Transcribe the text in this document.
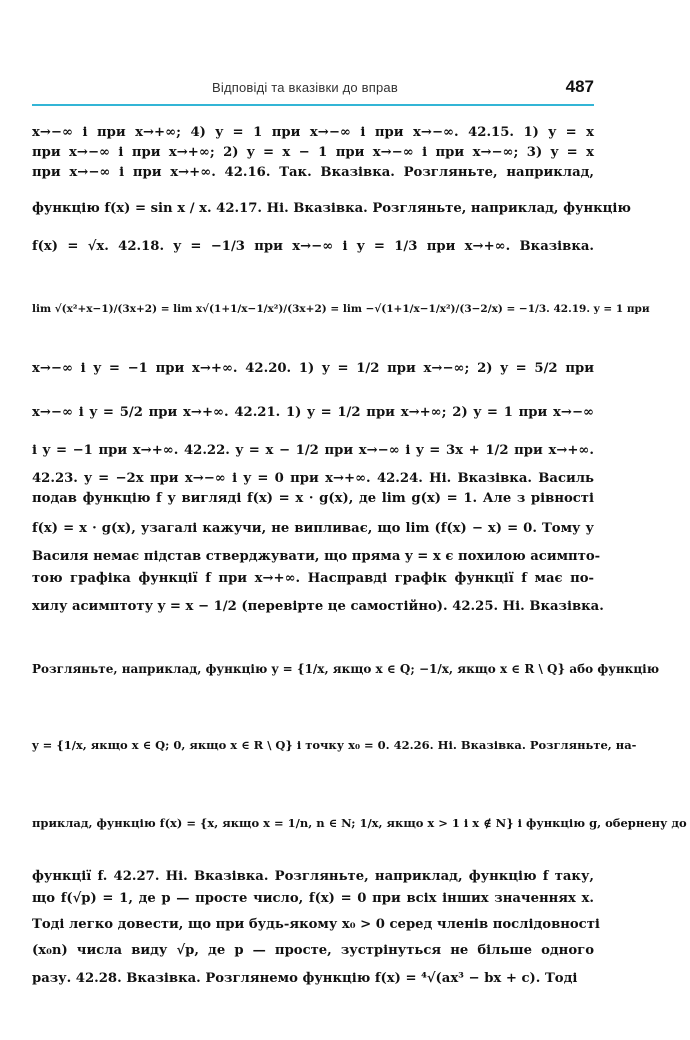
Відповіді та вказівки до вправ	487
x→−∞ і при x→+∞; 4) y = 1 при x→−∞ і при x→−∞. 42.15. 1) y = x
при x→−∞ і при x→+∞; 2) y = x − 1 при x→−∞ і при x→−∞; 3) y = x
при x→−∞ і при x→+∞. 42.16. Так. Вказівка. Розгляньте, наприклад,
функцію f(x) = sin x / x. 42.17. Ні. Вказівка. Розгляньте, наприклад, функцію
f(x) = √x. 42.18. y = −1/3 при x→−∞ і y = 1/3 при x→+∞. Вказівка.
lim √(x²+x−1)/(3x+2) = lim x√(1+1/x−1/x²)/(3x+2) = lim −√(1+1/x−1/x²)/(3−2/x) = −1/3. 42.19. y = 1 при
x→−∞ і y = −1 при x→+∞. 42.20. 1) y = 1/2 при x→−∞; 2) y = 5/2 при
x→−∞ і y = 5/2 при x→+∞. 42.21. 1) y = 1/2 при x→+∞; 2) y = 1 при x→−∞
і y = −1 при x→+∞. 42.22. y = x − 1/2 при x→−∞ і y = 3x + 1/2 при x→+∞.
42.23. y = −2x при x→−∞ і y = 0 при x→+∞. 42.24. Ні. Вказівка. Василь
подав функцію f у вигляді f(x) = x · g(x), де lim g(x) = 1. Але з рівності
f(x) = x · g(x), узагалі кажучи, не випливає, що lim (f(x) − x) = 0. Тому у
Василя немає підстав стверджувати, що пряма y = x є похилою асимпто-
тою графіка функції f при x→+∞. Насправді графік функції f має по-
хилу асимптоту y = x − 1/2 (перевірте це самостійно). 42.25. Ні. Вказівка.
Розгляньте, наприклад, функцію y = {1/x, якщо x ∈ Q; −1/x, якщо x ∈ R \ Q} або функцію
y = {1/x, якщо x ∈ Q; 0, якщо x ∈ R \ Q} і точку x₀ = 0. 42.26. Ні. Вказівка. Розгляньте, на-
приклад, функцію f(x) = {x, якщо x = 1/n, n ∈ N; 1/x, якщо x > 1 і x ∉ N} і функцію g, обернену до
функції f. 42.27. Ні. Вказівка. Розгляньте, наприклад, функцію f таку,
що f(√p) = 1, де p — просте число, f(x) = 0 при всіх інших значеннях x.
Тоді легко довести, що при будь-якому x₀ > 0 серед членів послідовності
(x₀n) числа виду √p, де p — просте, зустрінуться не більше одного
разу. 42.28. Вказівка. Розглянемо функцію f(x) = ⁴√(ax³ − bx + c). Тоді
